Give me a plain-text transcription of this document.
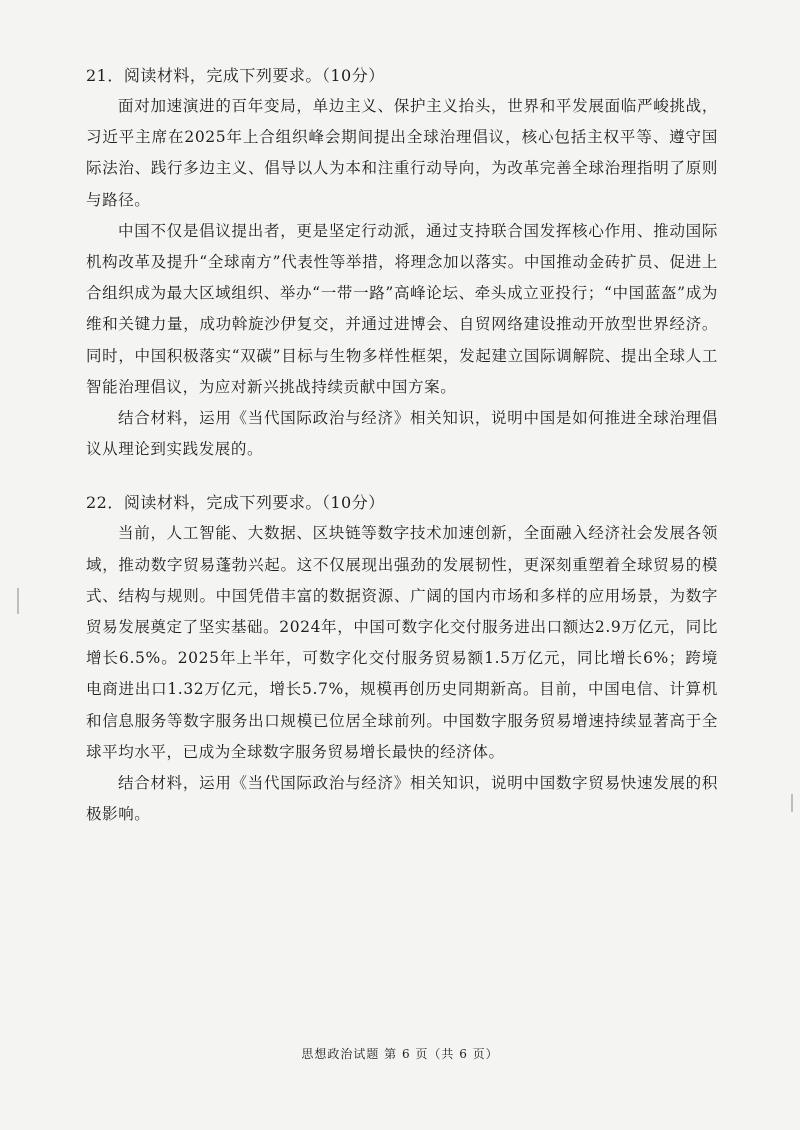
21．阅读材料，完成下列要求。（10分）

面对加速演进的百年变局，单边主义、保护主义抬头，世界和平发展面临严峻挑战，习近平主席在2025年上合组织峰会期间提出全球治理倡议，核心包括主权平等、遵守国际法治、践行多边主义、倡导以人为本和注重行动导向，为改革完善全球治理指明了原则与路径。

中国不仅是倡议提出者，更是坚定行动派，通过支持联合国发挥核心作用、推动国际机构改革及提升“全球南方”代表性等举措，将理念加以落实。中国推动金砖扩员、促进上合组织成为最大区域组织、举办“一带一路”高峰论坛、牵头成立亚投行；“中国蓝盔”成为维和关键力量，成功斡旋沙伊复交，并通过进博会、自贸网络建设推动开放型世界经济。同时，中国积极落实“双碳”目标与生物多样性框架，发起建立国际调解院、提出全球人工智能治理倡议，为应对新兴挑战持续贡献中国方案。

结合材料，运用《当代国际政治与经济》相关知识，说明中国是如何推进全球治理倡议从理论到实践发展的。

22．阅读材料，完成下列要求。（10分）

当前，人工智能、大数据、区块链等数字技术加速创新，全面融入经济社会发展各领域，推动数字贸易蓬勃兴起。这不仅展现出强劲的发展韧性，更深刻重塑着全球贸易的模式、结构与规则。中国凭借丰富的数据资源、广阔的国内市场和多样的应用场景，为数字贸易发展奠定了坚实基础。2024年，中国可数字化交付服务进出口额达2.9万亿元，同比增长6.5%。2025年上半年，可数字化交付服务贸易额1.5万亿元，同比增长6%；跨境电商进出口1.32万亿元，增长5.7%，规模再创历史同期新高。目前，中国电信、计算机和信息服务等数字服务出口规模已位居全球前列。中国数字服务贸易增速持续显著高于全球平均水平，已成为全球数字服务贸易增长最快的经济体。

结合材料，运用《当代国际政治与经济》相关知识，说明中国数字贸易快速发展的积极影响。

思想政治试题 第 6 页（共 6 页）
